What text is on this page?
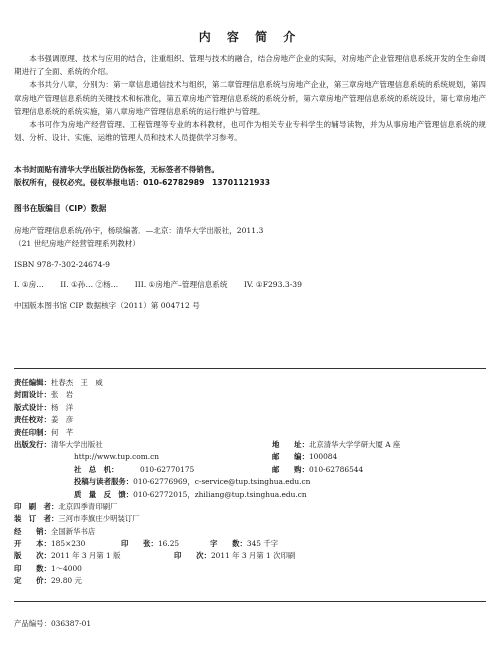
内 容 简 介

本书强调原理、技术与应用的结合，注重组织、管理与技术的融合，结合房地产企业的实际，对房地产企业管理信息系统开发的全生命周期进行了全面、系统的介绍。

本书共分八章，分别为：第一章信息通信技术与组织，第二章管理信息系统与房地产企业，第三章房地产管理信息系统的系统规划，第四章房地产管理信息系统的关键技术和标准化，第五章房地产管理信息系统的系统分析，第六章房地产管理信息系统的系统设计，第七章房地产管理信息系统的系统实施，第八章房地产管理信息系统的运行维护与管理。

本书可作为房地产经营管理、工程管理等专业的本科教材，也可作为相关专业专科学生的辅导读物，并为从事房地产管理信息系统的规划、分析、设计、实施、运维的管理人员和技术人员提供学习参考。

本书封面贴有清华大学出版社防伪标签，无标签者不得销售。
版权所有，侵权必究。侵权举报电话：010-62782989　13701121933
图书在版编目（CIP）数据

房地产管理信息系统/孙宇，杨琰编著．—北京：清华大学出版社，2011.3

（21 世纪房地产经营管理系列教材）

ISBN 978-7-302-24674-9

I. ①房… II. ①孙… ②杨… III. ①房地产–管理信息系统 IV. ①F293.3-39

中国版本图书馆 CIP 数据核字（2011）第 004712 号

责任编辑： 杜春杰　王　威
封面设计： 张　岩
版式设计： 杨　洋
责任校对： 姜　彦
责任印制： 何　芊
出版发行：清华大学出版社	地　　址：北京清华大学学研大厦 A 座
http://www.tup.com.cn	邮　　编：100084
社　总　机：	010-62770175	邮　　购：010-62786544
投稿与读者服务：010-62776969，c-service@tup.tsinghua.edu.cn
质　量　反　馈：010-62772015，zhiliang@tup.tsinghua.edu.cn
印　刷　者： 北京四季青印刷厂
装　订　者： 三河市李旗庄少明装订厂
经　　销： 全国新华书店
开　　本： 185×230	印　　张： 16.25	字　　数： 345 千字
版　　次：2011 年 3 月第 1 版	印　　次：2011 年 3 月第 1 次印刷
印　　数： 1～4000
定　　价： 29.80 元
产品编号：036387-01
